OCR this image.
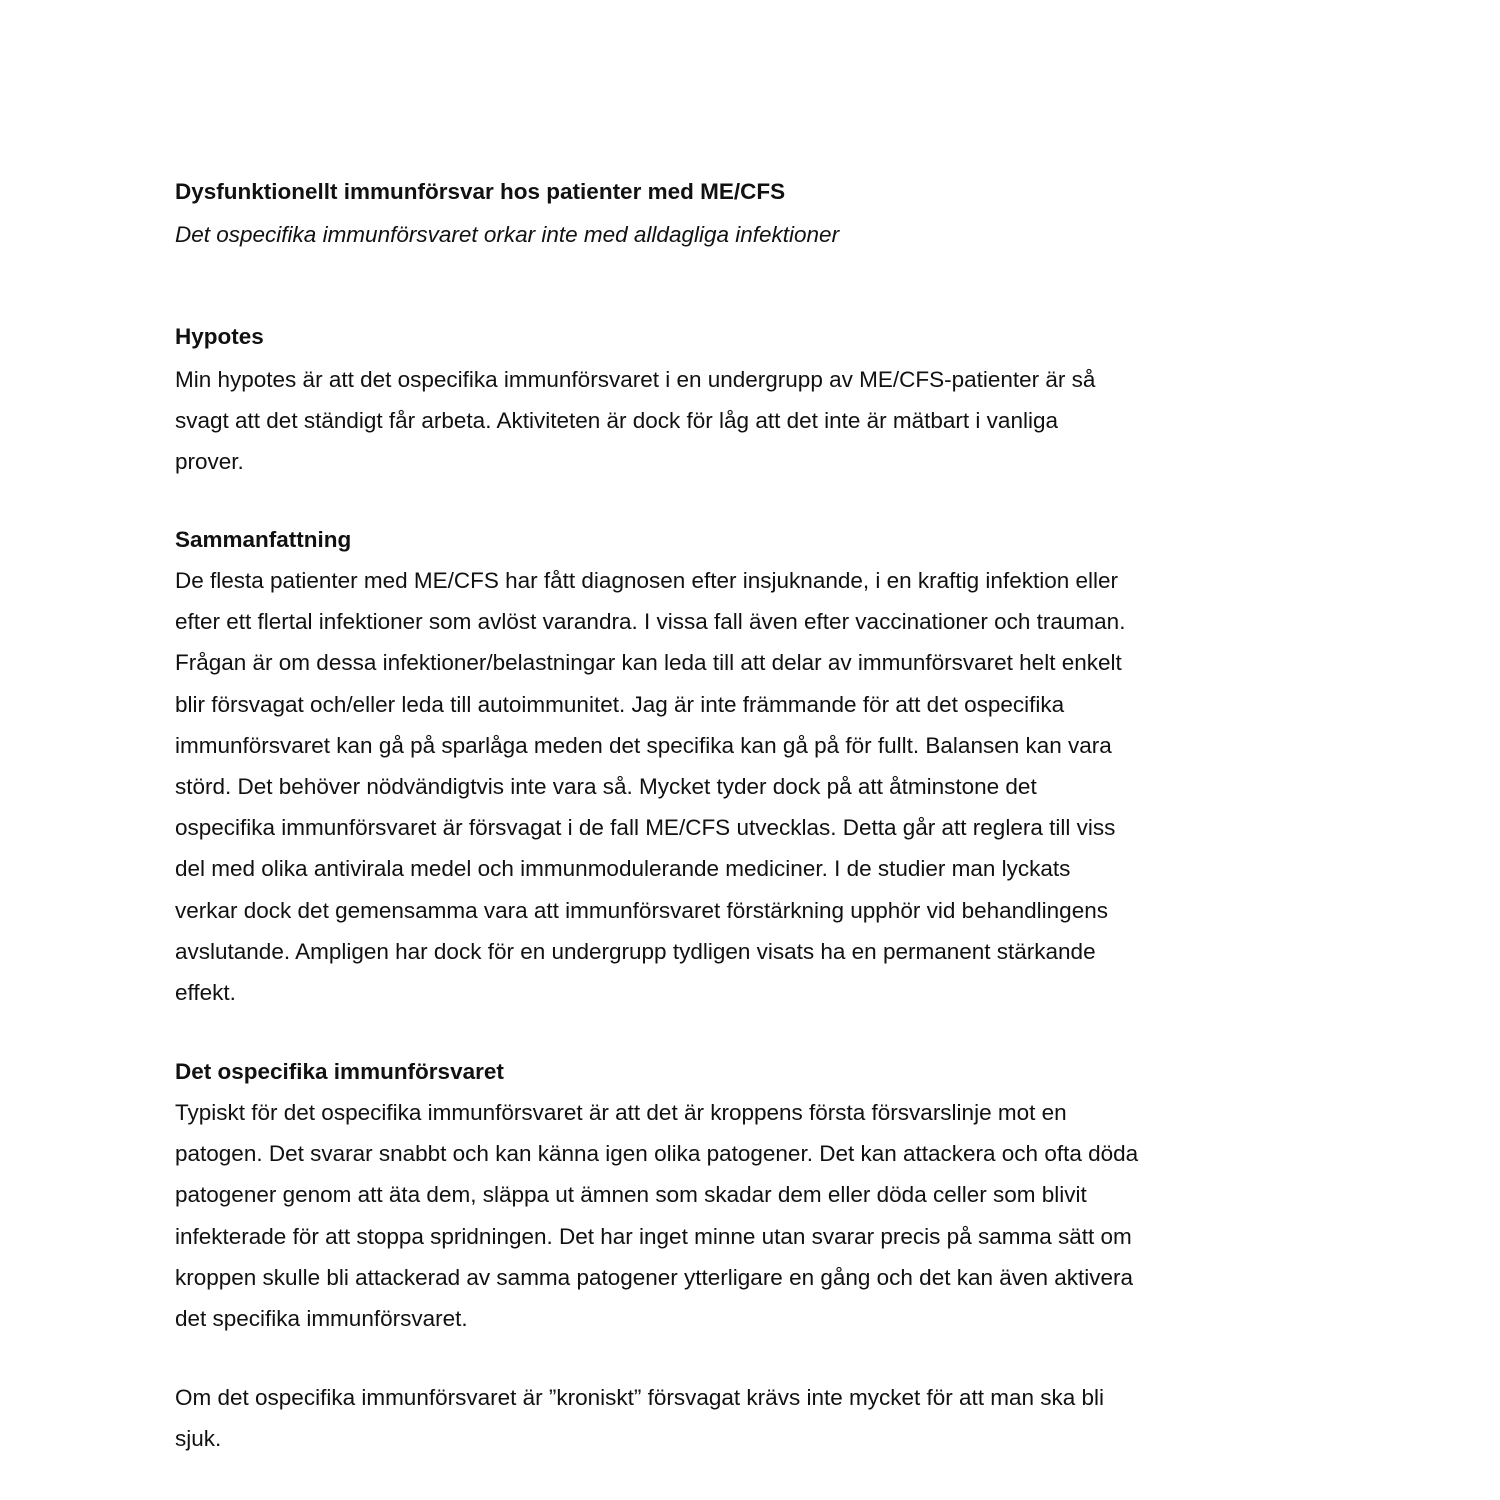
Dysfunktionellt immunförsvar hos patienter med ME/CFS
Det ospecifika immunförsvaret orkar inte med alldagliga infektioner
Hypotes
Min hypotes är att det ospecifika immunförsvaret i en undergrupp av ME/CFS-patienter är så
svagt att det ständigt får arbeta. Aktiviteten är dock för låg att det inte är mätbart i vanliga
prover.
Sammanfattning
De flesta patienter med ME/CFS har fått diagnosen efter insjuknande, i en kraftig infektion eller
efter ett flertal infektioner som avlöst varandra. I vissa fall även efter vaccinationer och trauman.
Frågan är om dessa infektioner/belastningar kan leda till att delar av immunförsvaret helt enkelt
blir försvagat och/eller leda till autoimmunitet. Jag är inte främmande för att det ospecifika
immunförsvaret kan gå på sparlåga meden det specifika kan gå på för fullt. Balansen kan vara
störd. Det behöver nödvändigtvis inte vara så. Mycket tyder dock på att åtminstone det
ospecifika immunförsvaret är försvagat i de fall ME/CFS utvecklas. Detta går att reglera till viss
del med olika antivirala medel och immunmodulerande mediciner. I de studier man lyckats
verkar dock det gemensamma vara att immunförsvaret förstärkning upphör vid behandlingens
avslutande. Ampligen har dock för en undergrupp tydligen visats ha en permanent stärkande
effekt.
Det ospecifika immunförsvaret
Typiskt för det ospecifika immunförsvaret är att det är kroppens första försvarslinje mot en
patogen. Det svarar snabbt och kan känna igen olika patogener. Det kan attackera och ofta döda
patogener genom att äta dem, släppa ut ämnen som skadar dem eller döda celler som blivit
infekterade för att stoppa spridningen. Det har inget minne utan svarar precis på samma sätt om
kroppen skulle bli attackerad av samma patogener ytterligare en gång och det kan även aktivera
det specifika immunförsvaret.
Om det ospecifika immunförsvaret är ”kroniskt” försvagat krävs inte mycket för att man ska bli
sjuk.
